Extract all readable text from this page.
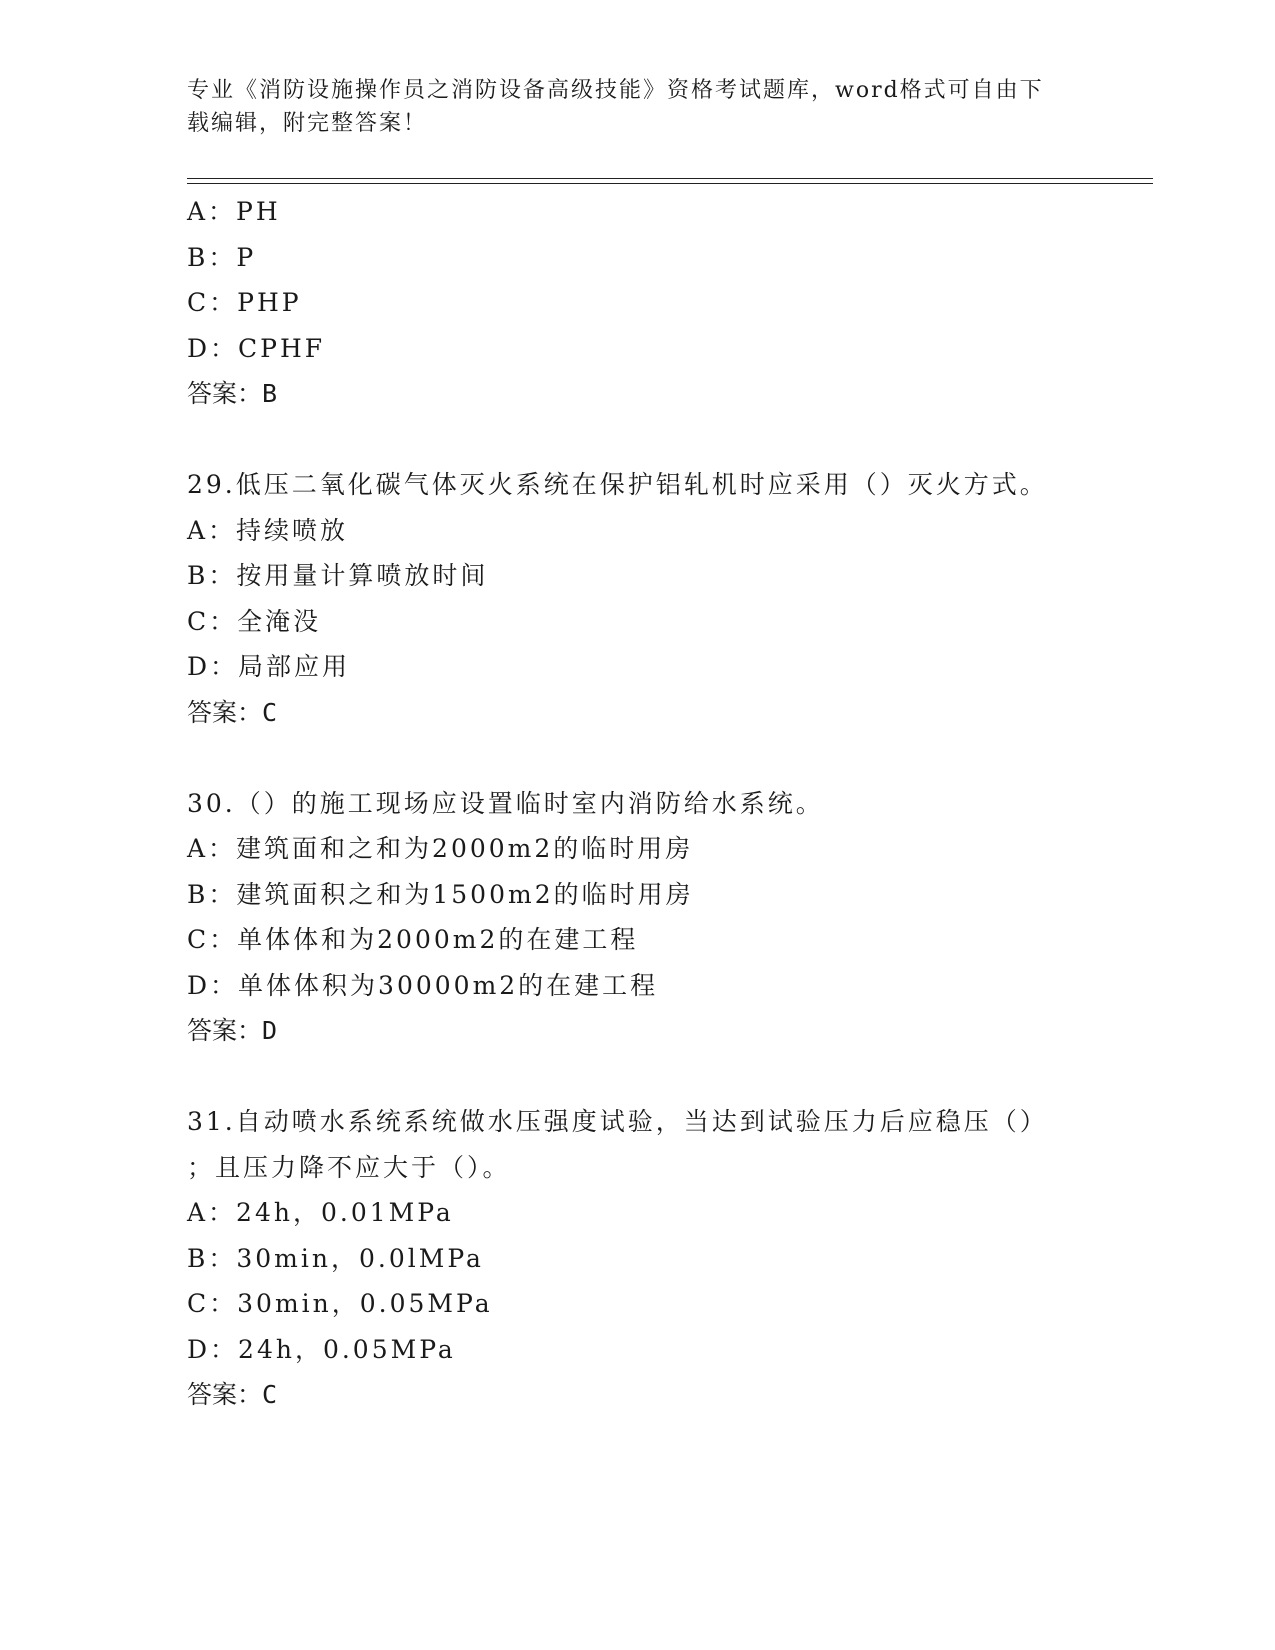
专业《消防设施操作员之消防设备高级技能》资格考试题库，word格式可自由下
载编辑，附完整答案！
A：PH
B：P
C：PHP
D：CPHF
答案：B
29.低压二氧化碳气体灭火系统在保护铝轧机时应采用（）灭火方式。
A：持续喷放
B：按用量计算喷放时间
C：全淹没
D：局部应用
答案：C
30.（）的施工现场应设置临时室内消防给水系统。
A：建筑面和之和为2000m2的临时用房
B：建筑面积之和为1500m2的临时用房
C：单体体和为2000m2的在建工程
D：单体体积为30000m2的在建工程
答案：D
31.自动喷水系统系统做水压强度试验，当达到试验压力后应稳压（）
；且压力降不应大于（）。
A：24h，0.01MPa
B：30min，0.0lMPa
C：30min，0.05MPa
D：24h，0.05MPa
答案：C
